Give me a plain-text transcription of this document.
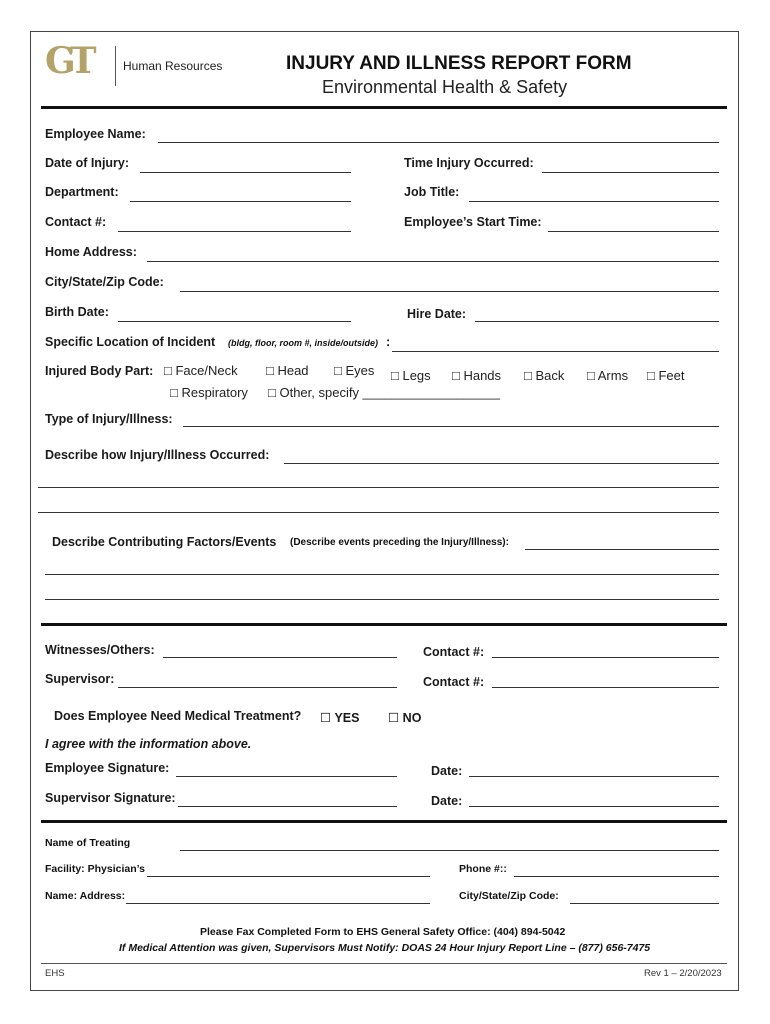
GT	Human Resources	INJURY AND ILLNESS REPORT FORM
Environmental Health & Safety
Employee Name:
Date of Injury:	Time Injury Occurred:
Department:	Job Title:
Contact #:	Employee’s Start Time:
Home Address:
City/State/Zip Code:
Birth Date:	Hire Date:
Specific Location of Incident (bldg, floor, room #, inside/outside) :
Injured Body Part: □ Face/Neck □ Head □ Eyes □ Legs □ Hands □ Back □ Arms □ Feet
□ Respiratory □ Other, specify ___________________
Type of Injury/Illness:
Describe how Injury/Illness Occurred:
Describe Contributing Factors/Events (Describe events preceding the Injury/Illness):
Witnesses/Others:	Contact #:
Supervisor:	Contact #:
Does Employee Need Medical Treatment? ☐ YES ☐ NO
I agree with the information above.
Employee Signature:	Date:
Supervisor Signature:	Date:
Name of Treating
Facility: Physician’s	Phone #::
Name: Address:	City/State/Zip Code:
Please Fax Completed Form to EHS General Safety Office: (404) 894-5042
If Medical Attention was given, Supervisors Must Notify: DOAS 24 Hour Injury Report Line – (877) 656-7475
EHS	Rev 1 – 2/20/2023
